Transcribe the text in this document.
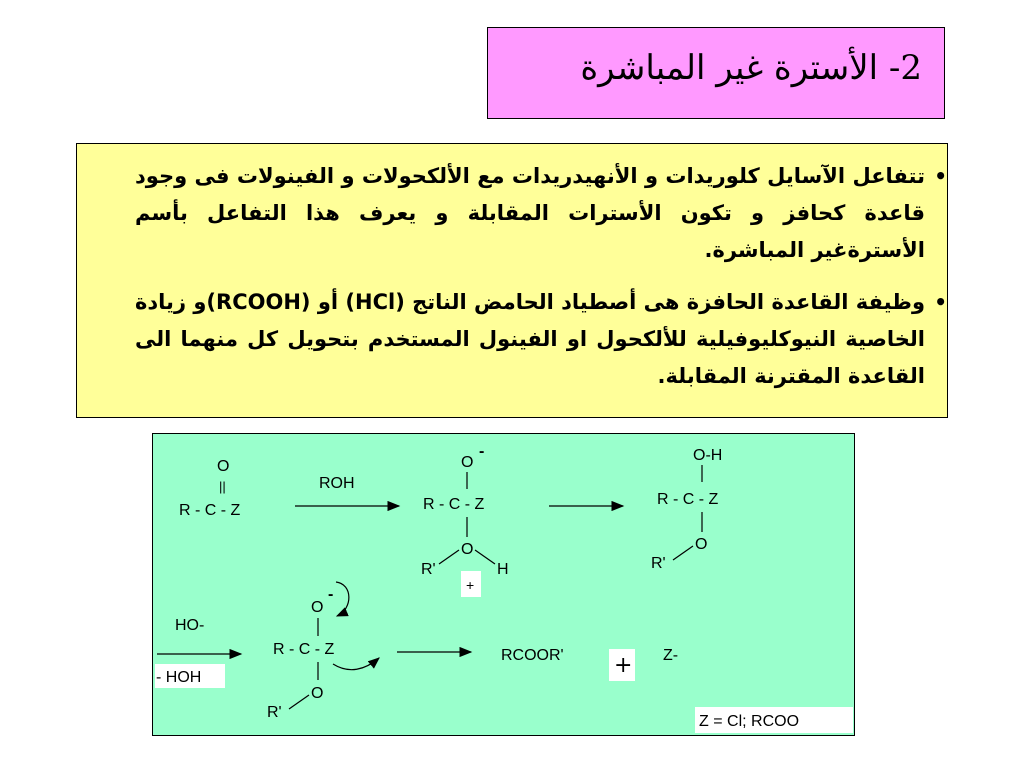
2- الأسترة غير المباشرة
•
تتفاعل الآسايل كلوريدات و الأنهيدريدات مع الألكحولات و الفينولات فى وجود قاعدة كحافز و تكون الأسترات المقابلة و يعرف هذا التفاعل بأسم الأسترةغير المباشرة.
•
وظيفة القاعدة الحافزة هى أصطياد الحامض الناتج (HCl) أو (RCOOH)و زيادة الخاصية النيوكليوفيلية للألكحول او الفينول المستخدم بتحويل كل منهما الى القاعدة المقترنة المقابلة.
O
||
R - C - Z
ROH
O
-
R - C - Z
O
R'	H
+
O-H
R - C - Z
O
R'
HO-
- HOH
O
-
R - C - Z
O
R'
RCOOR' + Z-
Z = Cl; RCOO
